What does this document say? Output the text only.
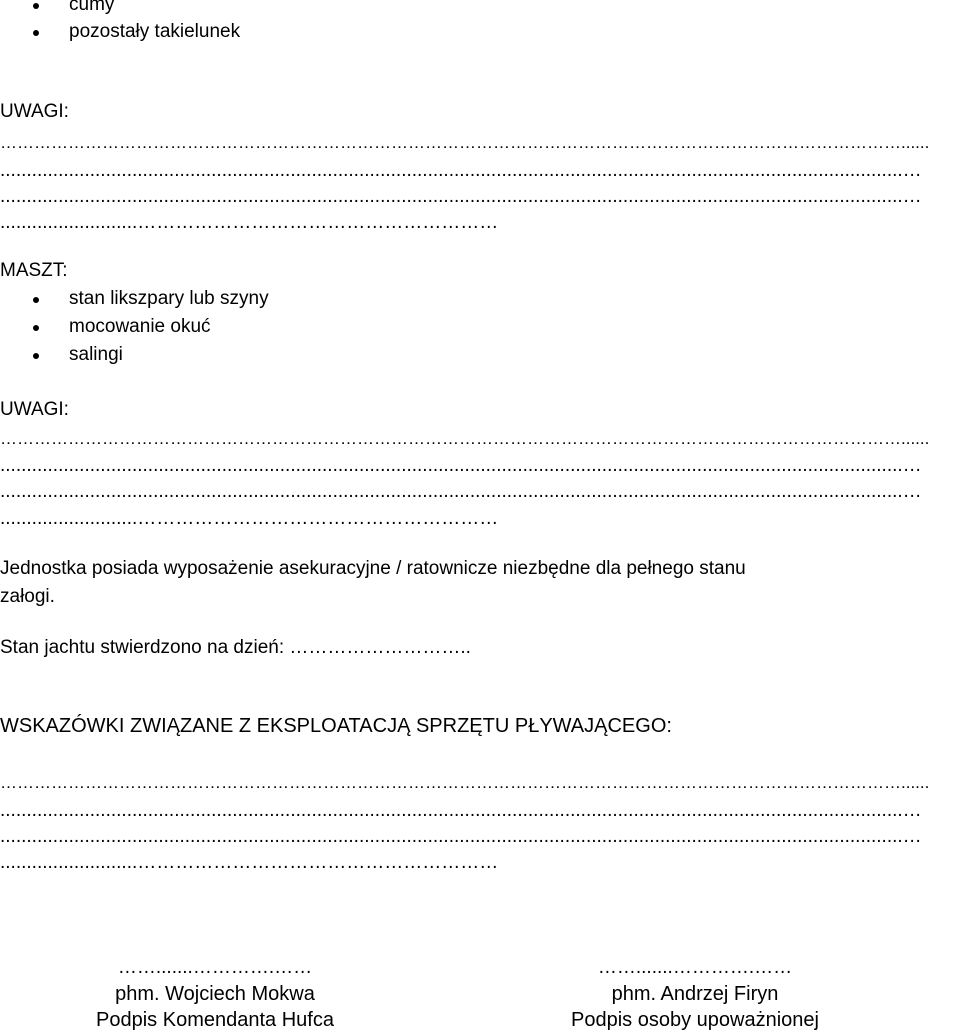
cumy
pozostały takielunek
UWAGI:
……………………………………………………………………………………………………………………………………………......
...........................................................................................................................................................................…
...........................................................................................................................................................................…
..........................…………………………………………………
MASZT:
stan likszpary lub szyny
mocowanie okuć
salingi
UWAGI:
……………………………………………………………………………………………………………………………………………......
...........................................................................................................................................................................…
...........................................................................................................................................................................…
..........................…………………………………………………
Jednostka posiada wyposażenie asekuracyjne / ratownicze niezbędne dla pełnego stanu
załogi.
Stan jachtu stwierdzono na dzień: ………………………..
WSKAZÓWKI ZWIĄZANE Z EKSPLOATACJĄ SPRZĘTU PŁYWAJĄCEGO:
……………………………………………………………………………………………………………………………………………......
...........................................................................................................................................................................…
...........................................................................................................................................................................…
..........................…………………………………………………
…….......………….……
phm. Wojciech Mokwa
Podpis Komendanta Hufca
…….......………….……
phm. Andrzej Firyn
Podpis osoby upoważnionej
